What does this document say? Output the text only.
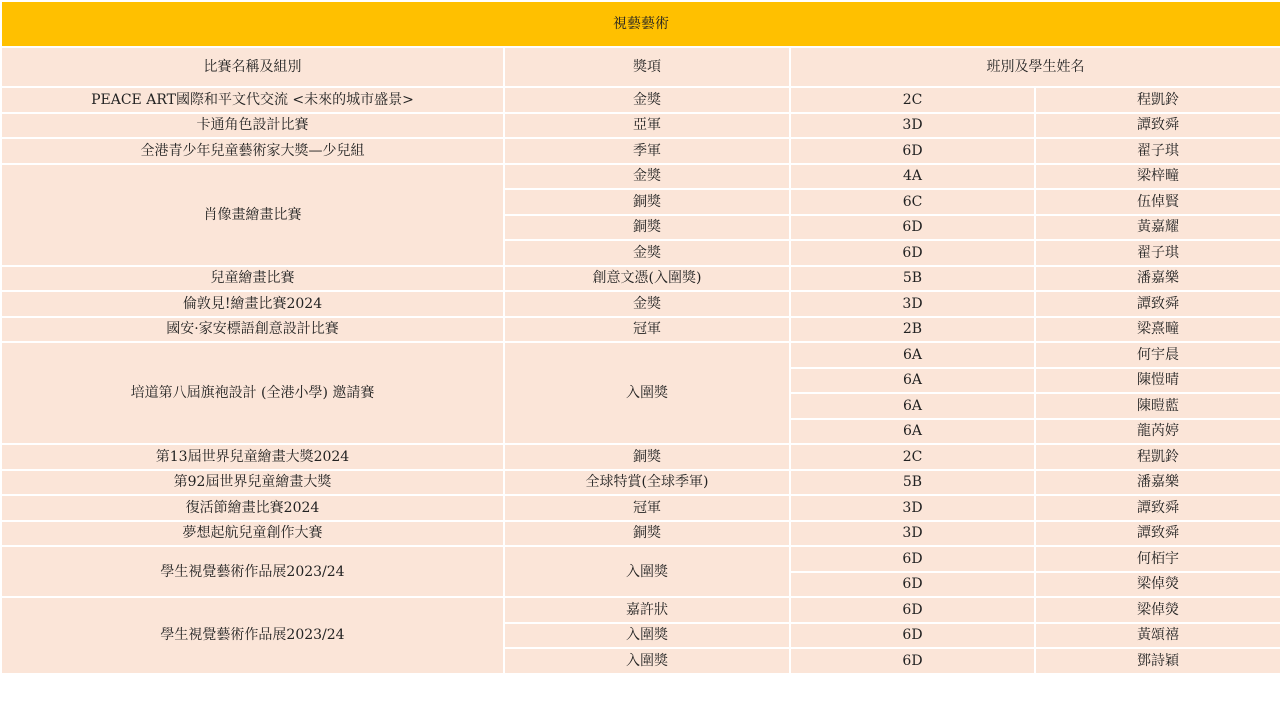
視藝藝術			
比賽名稱及組別	獎項	班別及學生姓名	
PEACE ART國際和平文代交流 <未來的城市盛景>	金獎	2C	程凱鈴
卡通角色設計比賽	亞軍	3D	譚致舜
全港青少年兒童藝術家大獎—少兒組	季軍	6D	翟子琪
肖像畫繪畫比賽	金獎	4A	梁梓疃
	銅獎	6C	伍倬賢
	銅獎	6D	黃嘉耀
	金獎	6D	翟子琪
兒童繪畫比賽	創意文憑(入圍獎)	5B	潘嘉樂
倫敦見!繪畫比賽2024	金獎	3D	譚致舜
國安·家安標語創意設計比賽	冠軍	2B	梁熹疃
培道第八屆旗袍設計 (全港小學) 邀請賽	入圍獎	6A	何宇晨
		6A	陳愷晴
		6A	陳暟藍
		6A	龍芮婷
第13屆世界兒童繪畫大獎2024	銅獎	2C	程凱鈴
第92屆世界兒童繪畫大獎	全球特賞(全球季軍)	5B	潘嘉樂
復活節繪畫比賽2024	冠軍	3D	譚致舜
夢想起航兒童創作大賽	銅獎	3D	譚致舜
學生視覺藝術作品展2023/24	入圍獎	6D	何栢宇
		6D	梁倬熒
學生視覺藝術作品展2023/24	嘉許狀	6D	梁倬熒
	入圍獎	6D	黃頌禧
	入圍獎	6D	鄧詩穎
